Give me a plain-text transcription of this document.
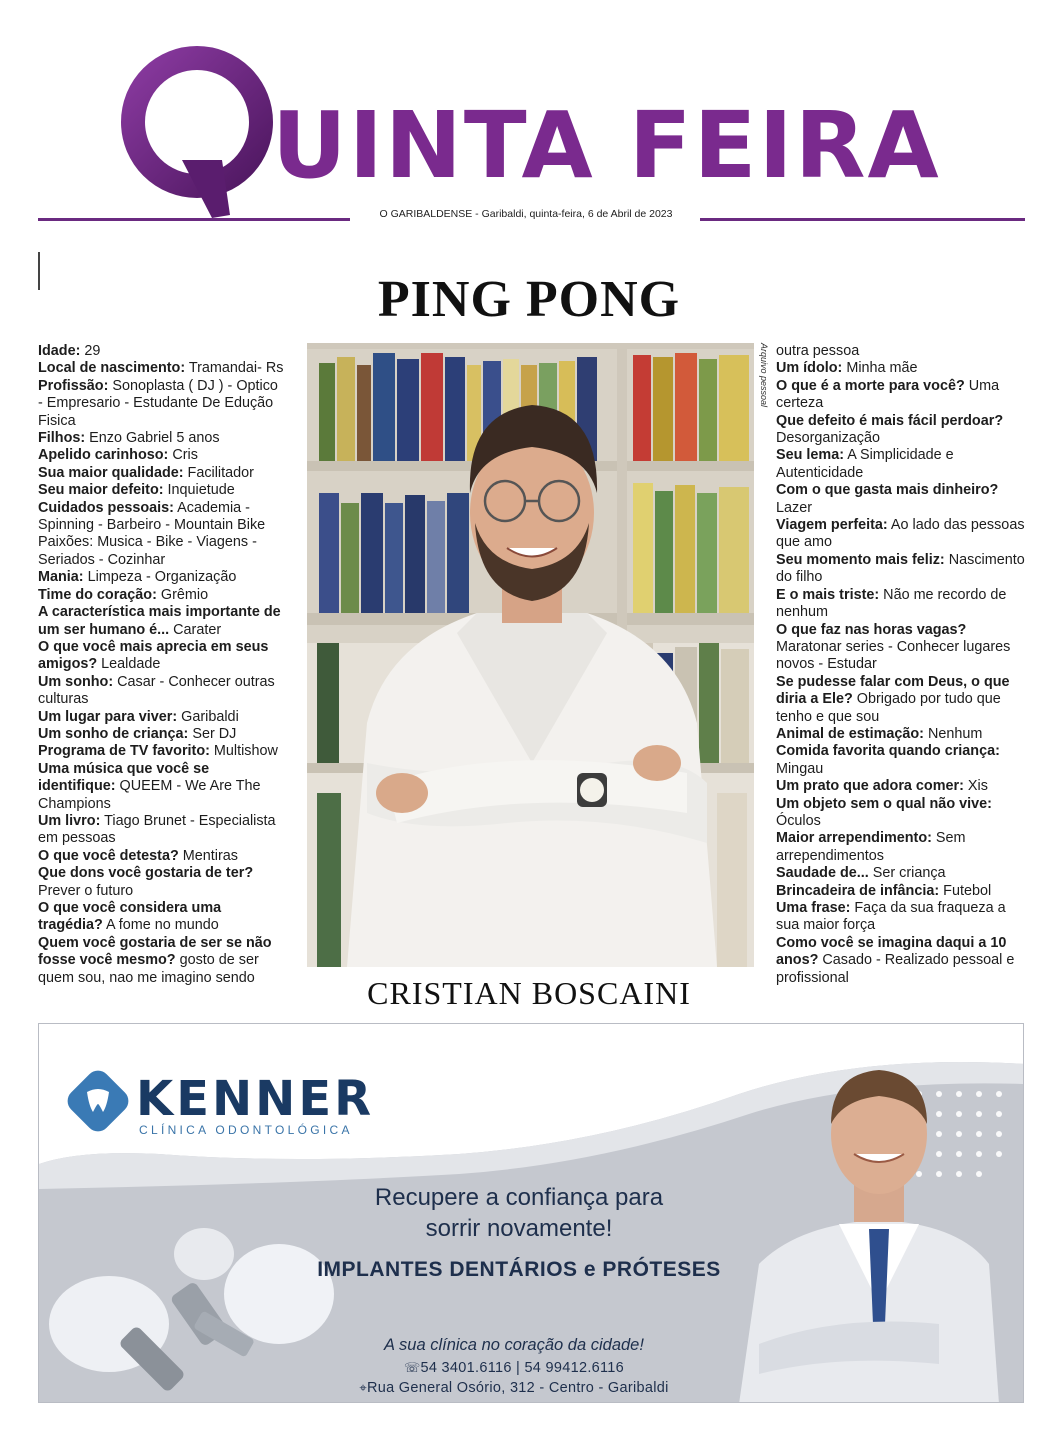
UINTA FEIRA
O GARIBALDENSE - Garibaldi, quinta-feira, 6 de Abril de 2023
PING PONG

Idade: 29

Local de nascimento: Tramandai- Rs

Profissão: Sonoplasta ( DJ ) - Optico - Empresario - Estudante De Edução Fisica

Filhos: Enzo Gabriel 5 anos

Apelido carinhoso: Cris

Sua maior qualidade: Facilitador

Seu maior defeito: Inquietude

Cuidados pessoais: Academia - Spinning - Barbeiro - Mountain Bike

Paixões: Musica - Bike - Viagens - Seriados - Cozinhar

Mania: Limpeza - Organização

Time do coração: Grêmio

A característica mais importante de um ser humano é... Carater

O que você mais aprecia em seus amigos? Lealdade

Um sonho: Casar - Conhecer outras culturas

Um lugar para viver: Garibaldi

Um sonho de criança: Ser DJ

Programa de TV favorito: Multishow

Uma música que você se identifique: QUEEM - We Are The Champions

Um livro: Tiago Brunet - Especialista em pessoas

O que você detesta? Mentiras

Que dons você gostaria de ter? Prever o futuro

O que você considera uma tragédia? A fome no mundo

Quem você gostaria de ser se não fosse você mesmo? gosto de ser quem sou, nao me imagino sendo

Arquivo pessoal
CRISTIAN BOSCAINI

outra pessoa

Um ídolo: Minha mãe

O que é a morte para você? Uma certeza

Que defeito é mais fácil perdoar? Desorganização

Seu lema: A Simplicidade e Autenticidade

Com o que gasta mais dinheiro? Lazer

Viagem perfeita: Ao lado das pessoas que amo

Seu momento mais feliz: Nascimento do filho

E o mais triste: Não me recordo de nenhum

O que faz nas horas vagas? Maratonar series - Conhecer lugares novos - Estudar

Se pudesse falar com Deus, o que diria a Ele? Obrigado por tudo que tenho e que sou

Animal de estimação: Nenhum

Comida favorita quando criança: Mingau

Um prato que adora comer: Xis

Um objeto sem o qual não vive: Óculos

Maior arrependimento: Sem arrependimentos

Saudade de... Ser criança

Brincadeira de infância: Futebol

Uma frase: Faça da sua fraqueza a sua maior força

Como você se imagina daqui a 10 anos? Casado - Realizado pessoal e profissional

KENNER
CLÍNICA ODONTOLÓGICA
Recupere a confiança para
sorrir novamente!
IMPLANTES DENTÁRIOS e PRÓTESES
A sua clínica no coração da cidade!
☏54 3401.6116 | 54 99412.6116
⌖Rua General Osório, 312 - Centro - Garibaldi
